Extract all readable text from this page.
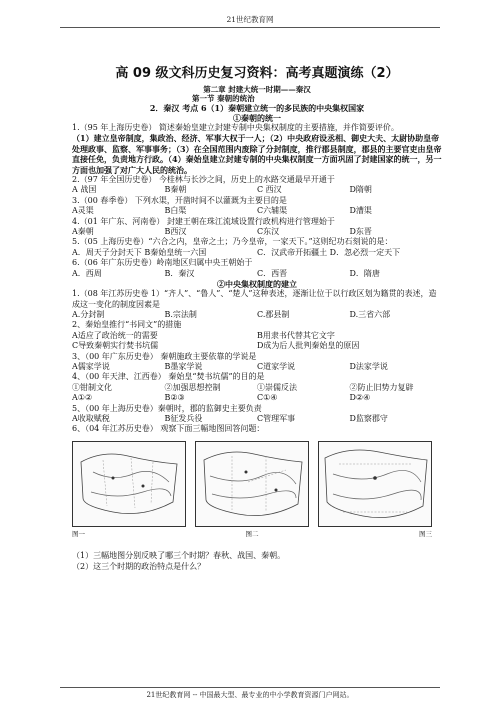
21世纪教育网
高 09 级文科历史复习资料：高考真题演练（2）
第二章 封建大统一时期——秦汉
第一节 秦朝的统治
2．秦汉 考点 6（1）秦朝建立统一的多民族的中央集权国家
①秦朝的统一

1.（95 年上海历史卷） 简述秦始皇建立封建专制中央集权制度的主要措施，并作简要评价。

（1）建立皇帝制度，集政治、经济、军事大权于一人；（2）中央政府设丞相、御史大夫、太尉协助皇帝处理政事、监察、军事事务；（3）在全国范围内废除了分封制度，推行郡县制度，郡县的主要官吏由皇帝直接任免，负责地方行政。（4）秦始皇建立封建专制的中央集权制度一方面巩固了封建国家的统一，另一方面也加强了对广大人民的统治。

2.（97 年全国历史卷） 今桂林与长沙之间，历史上的水路交通最早开通于

A 战国	B秦朝	C 西汉	D隋朝

3.（00 春季卷） 下列水渠，开凿时间不以灌溉为主要目的是

A灵渠	B白渠	C六辅渠	D漕渠

4.（01 年广东、河南卷） 封建王朝在珠江流域设置行政机构进行管理始于

A秦朝	B西汉	C东汉	D东晋

5.（05 上海历史卷）“六合之内，皇帝之土；乃今皇帝，一家天下。”这则纪功石刻说的是：

A．周天子分封天下 B秦始皇统一六国	C．汉武帝开拓疆土 D．忽必烈一定天下

6.（06 年广东历史卷）岭南地区归属中央王朝始于

A．西周	B．秦汉	C．西晋	D．隋唐
②中央集权制度的建立

1.（08 年江苏历史卷 1）“齐人”、“鲁人”、“楚人”这种表述，逐渐让位于以行政区划为籍贯的表述，造成这一变化的制度因素是

A.分封制	B.宗法制	C.郡县制	D.三省六部

2、秦始皇推行“书同文”的措施

A适应了政治统一的需要	B用隶书代替其它文字
C导致秦朝实行焚书坑儒	D成为后人批判秦始皇的原因

3、（00 年广东历史卷） 秦朝施政主要依靠的学说是

A儒家学说	B墨家学说	C道家学说	D法家学说

4、（00 年天津、江西卷） 秦始皇“焚书坑儒”的目的是

①钳制文化	②加强思想控制	①崇儒反法	②防止旧势力复辟
A①②	B②③	C①④	D②④

5、（00 年上海历史卷）秦朝时，郡的监御史主要负责

A收取赋税	B征发兵役	C管理军事	D监察郡守

6、（04 年江苏历史卷） 观察下面三幅地图回答问题：

图一	图二	图三

（1）三幅地图分别反映了哪三个时期？春秋、战国、秦朝。

（2）这三个时期的政治特点是什么？

21世纪教育网 -- 中国最大型、最专业的中小学教育资源门户网站。
